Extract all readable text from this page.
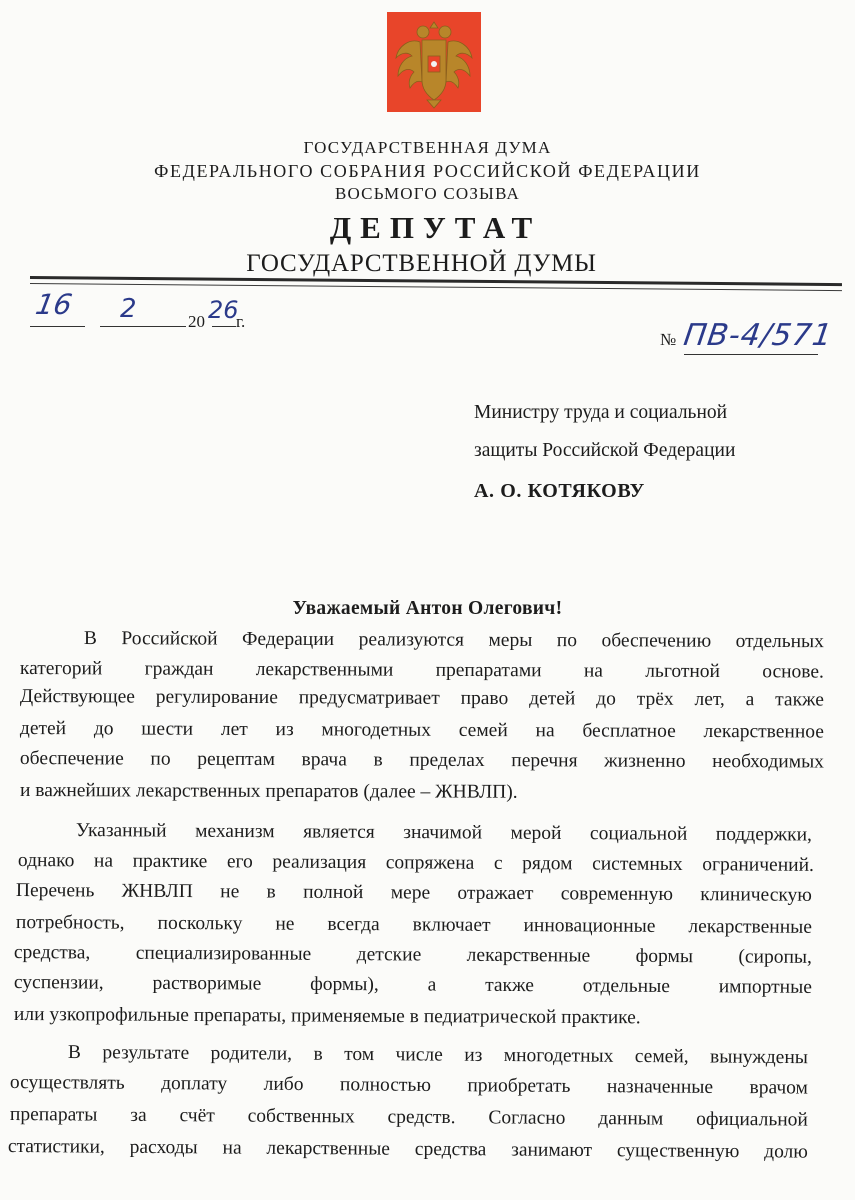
ГОСУДАРСТВЕННАЯ ДУМА
ФЕДЕРАЛЬНОГО СОБРАНИЯ РОССИЙСКОЙ ФЕДЕРАЦИИ
ВОСЬМОГО СОЗЫВА
ДЕПУТАТ
ГОСУДАРСТВЕННОЙ ДУМЫ
16 2	20 26
г.
№ ПВ-4/571
Министру труда и социальной
защиты Российской Федерации
А. О. КОТЯКОВУ
Уважаемый Антон Олегович!
В Российской Федерации реализуются меры по обеспечению отдельных
категорий граждан лекарственными препаратами на льготной основе.
Действующее регулирование предусматривает право детей до трёх лет, а также
детей до шести лет из многодетных семей на бесплатное лекарственное
обеспечение по рецептам врача в пределах перечня жизненно необходимых
и важнейших лекарственных препаратов (далее – ЖНВЛП).
Указанный механизм является значимой мерой социальной поддержки,
однако на практике его реализация сопряжена с рядом системных ограничений.
Перечень ЖНВЛП не в полной мере отражает современную клиническую
потребность, поскольку не всегда включает инновационные лекарственные
средства, специализированные детские лекарственные формы (сиропы,
суспензии, растворимые формы), а также отдельные импортные
или узкопрофильные препараты, применяемые в педиатрической практике.
В результате родители, в том числе из многодетных семей, вынуждены
осуществлять доплату либо полностью приобретать назначенные врачом
препараты за счёт собственных средств. Согласно данным официальной
статистики, расходы на лекарственные средства занимают существенную долю
